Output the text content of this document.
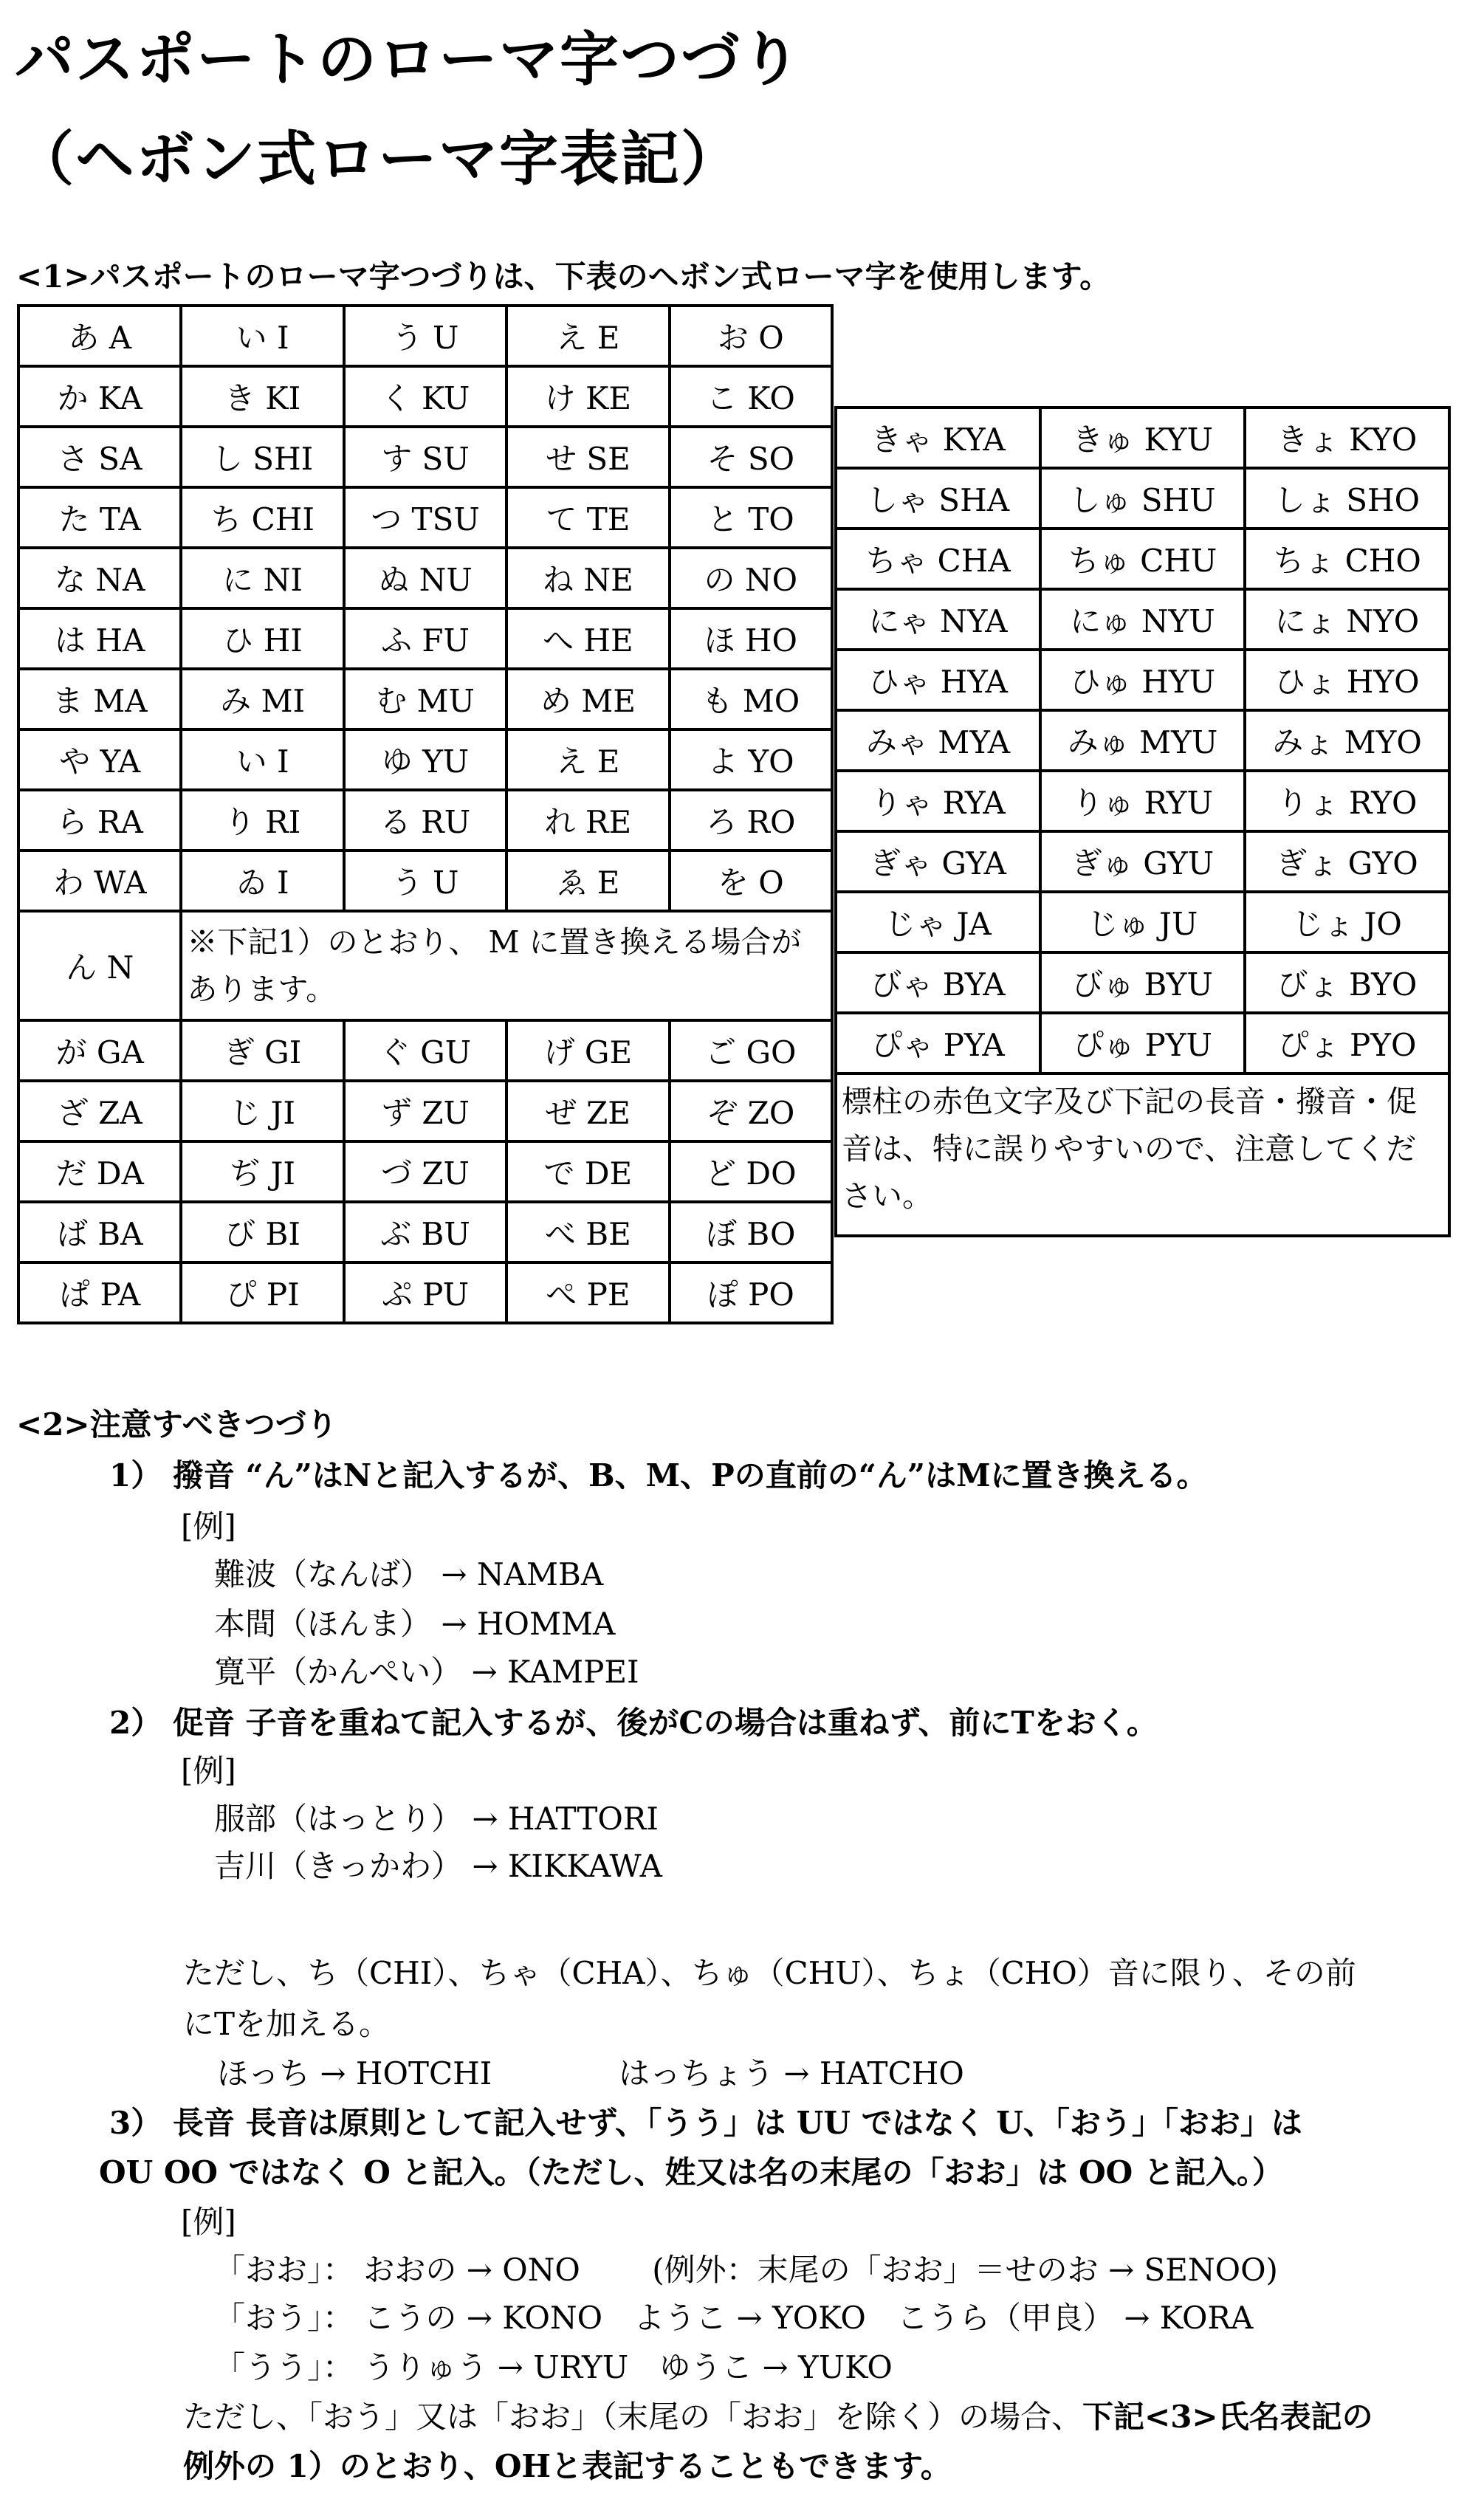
パスポートのローマ字つづり
（ヘボン式ローマ字表記）
<1>パスポートのローマ字つづりは、下表のヘボン式ローマ字を使用します。
あ A	い I	う U	え E	お O
か KA	き KI	く KU	け KE	こ KO
さ SA	し SHI	す SU	せ SE	そ SO
た TA	ち CHI	つ TSU	て TE	と TO
な NA	に NI	ぬ NU	ね NE	の NO
は HA	ひ HI	ふ FU	へ HE	ほ HO
ま MA	み MI	む MU	め ME	も MO
や YA	い I	ゆ YU	え E	よ YO
ら RA	り RI	る RU	れ RE	ろ RO
わ WA	ゐ I	う U	ゑ E	を O
ん N	※下記1）のとおり、 M に置き換える場合があります。			
が GA	ぎ GI	ぐ GU	げ GE	ご GO
ざ ZA	じ JI	ず ZU	ぜ ZE	ぞ ZO
だ DA	ぢ JI	づ ZU	で DE	ど DO
ば BA	び BI	ぶ BU	べ BE	ぼ BO
ぱ PA	ぴ PI	ぷ PU	ぺ PE	ぽ PO
きゃ KYA	きゅ KYU	きょ KYO
しゃ SHA	しゅ SHU	しょ SHO
ちゃ CHA	ちゅ CHU	ちょ CHO
にゃ NYA	にゅ NYU	にょ NYO
ひゃ HYA	ひゅ HYU	ひょ HYO
みゃ MYA	みゅ MYU	みょ MYO
りゃ RYA	りゅ RYU	りょ RYO
ぎゃ GYA	ぎゅ GYU	ぎょ GYO
じゃ JA	じゅ JU	じょ JO
びゃ BYA	びゅ BYU	びょ BYO
ぴゃ PYA	ぴゅ PYU	ぴょ PYO
標柱の赤色文字及び下記の長音・撥音・促音は、特に誤りやすいので、注意してください。		
<2>注意すべきつづり
1） 撥音 “ん”はNと記入するが、B、M、Pの直前の“ん”はMに置き換える。
[例]
難波（なんば） → NAMBA
本間（ほんま） → HOMMA
寛平（かんぺい） → KAMPEI
2） 促音 子音を重ねて記入するが、後がCの場合は重ねず、前にTをおく。
[例]
服部（はっとり） → HATTORI
吉川（きっかわ） → KIKKAWA
ただし、ち（CHI）、ちゃ（CHA）、ちゅ（CHU）、ちょ（CHO）音に限り、その前
にTを加える。
ほっち → HOTCHI	はっちょう → HATCHO
3） 長音 長音は原則として記入せず、「うう」は UU ではなく U、「おう」「おお」は
OU OO ではなく O と記入。（ただし、姓又は名の末尾の「おお」は OO と記入。）
[例]
「おお」： おおの → ONO　　 (例外：末尾の「おお」＝せのお → SENOO)
「おう」： こうの → KONO　ようこ → YOKO　こうら（甲良） → KORA
「うう」： うりゅう → URYU　ゆうこ → YUKO
ただし、「おう」又は「おお」（末尾の「おお」を除く）の場合、下記<3>氏名表記の
例外の 1）のとおり、OHと表記することもできます。
